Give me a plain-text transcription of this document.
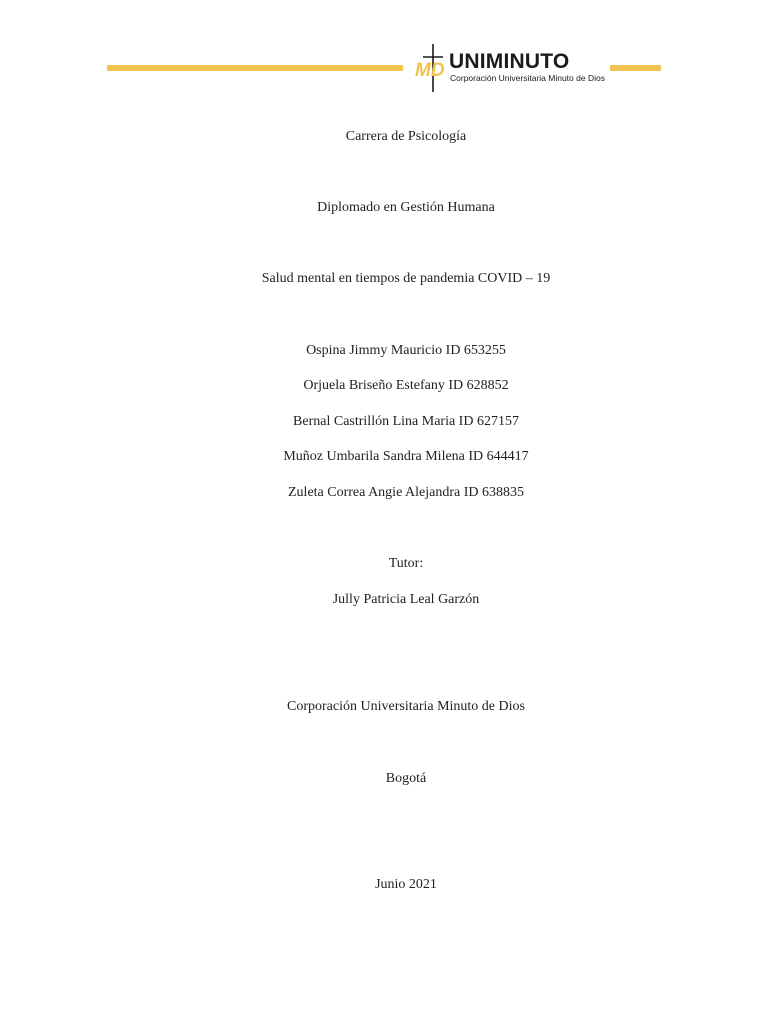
MD UNIMINUTO
Corporación Universitaria Minuto de Dios
Carrera de Psicología
Diplomado en Gestión Humana
Salud mental en tiempos de pandemia COVID – 19
Ospina Jimmy Mauricio ID 653255
Orjuela Briseño Estefany ID 628852
Bernal Castrillón Lina Maria ID 627157
Muñoz Umbarila Sandra Milena ID 644417
Zuleta Correa Angie Alejandra ID 638835
Tutor:
Jully Patricia Leal Garzón
Corporación Universitaria Minuto de Dios
Bogotá
Junio 2021
